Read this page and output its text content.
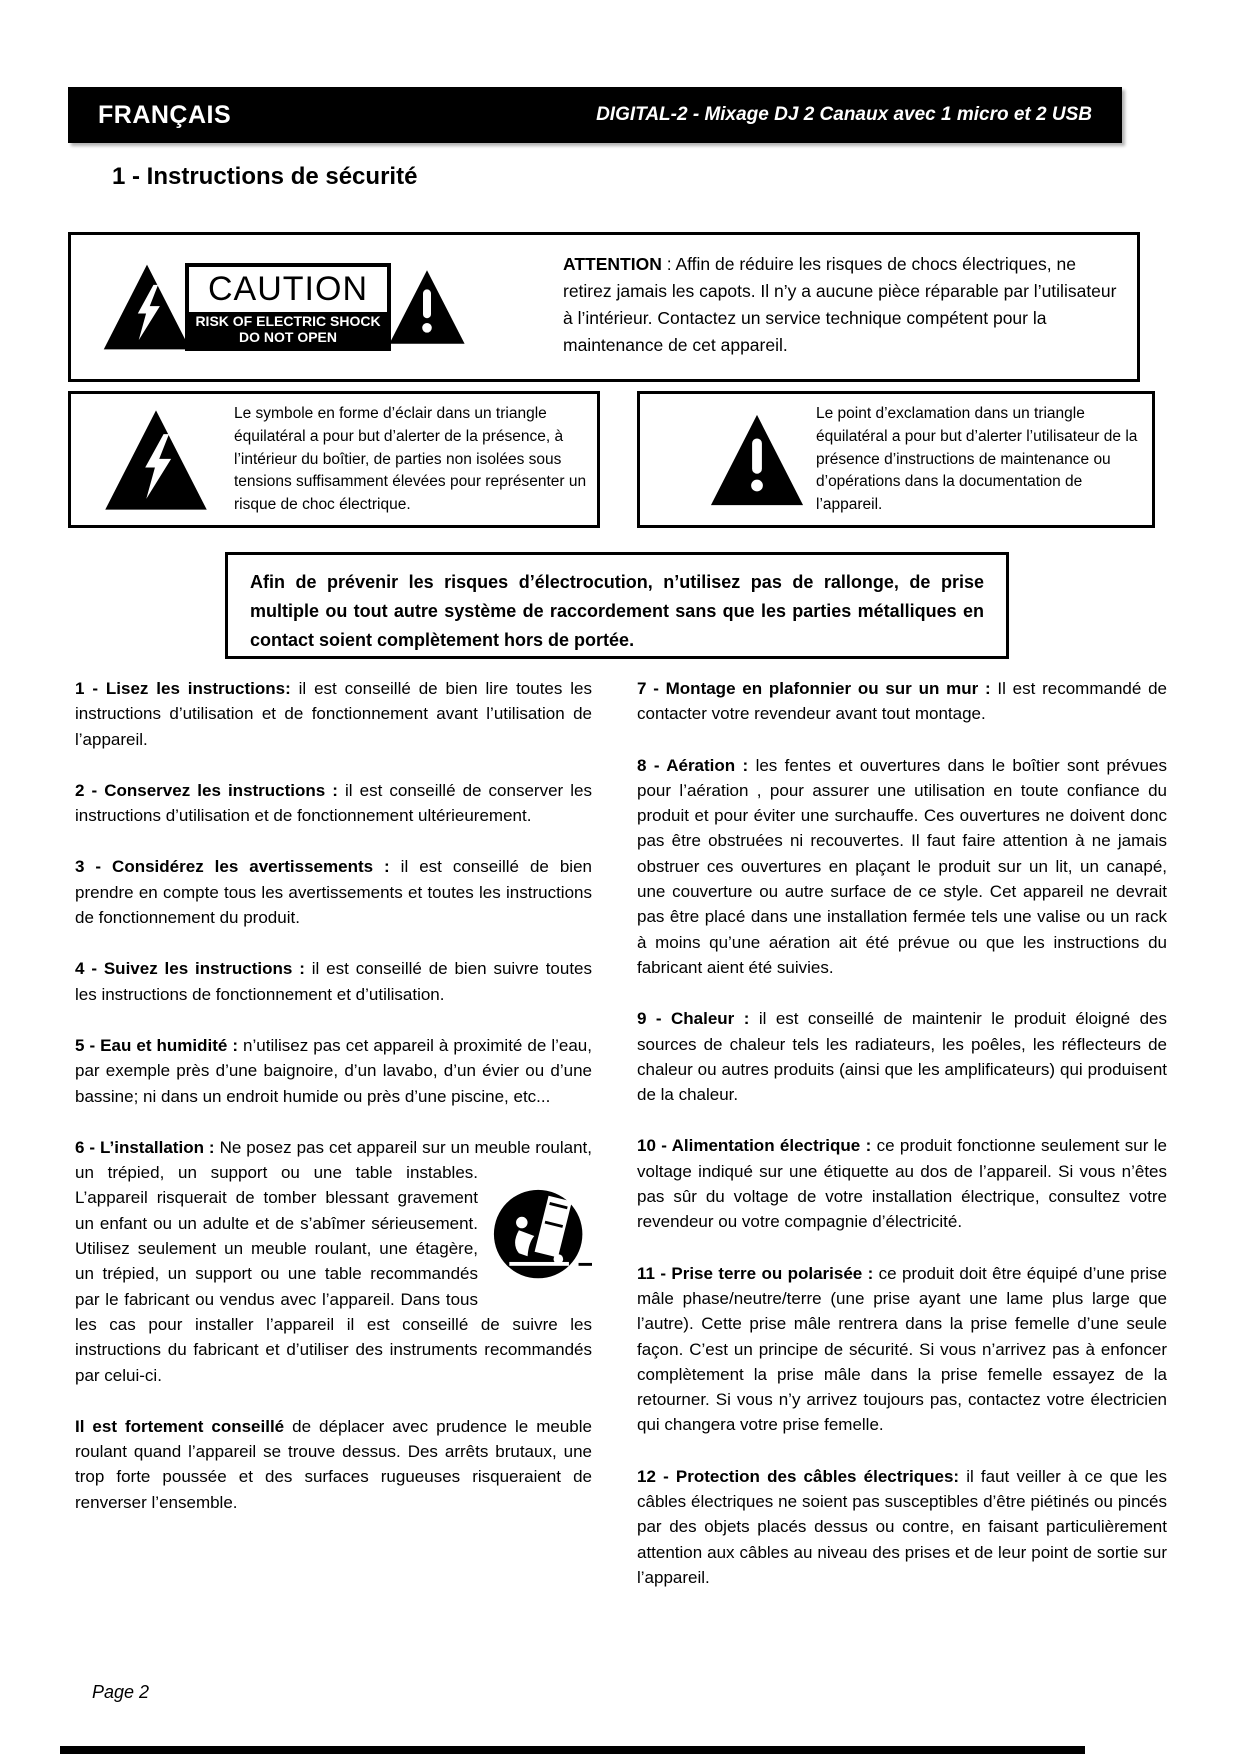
FRANÇAIS	DIGITAL-2 - Mixage DJ 2 Canaux avec 1 micro et 2 USB
1 - Instructions de sécurité
CAUTION
RISK OF ELECTRIC SHOCK
DO NOT OPEN

ATTENTION : Affin de réduire les risques de chocs électriques, ne retirez jamais les capots. Il n’y a aucune pièce réparable par l’utilisateur à l’intérieur. Contactez un service technique compétent pour la maintenance de cet appareil.

Le symbole en forme d’éclair dans un triangle équilatéral a pour but d’alerter de la présence, à l’intérieur du boîtier, de parties non isolées sous tensions suffisamment élevées pour représenter un risque de choc électrique.

Le point d’exclamation dans un triangle équilatéral a pour but d’alerter l’utilisateur de la présence d’instructions de maintenance ou d’opérations dans la documentation de l’appareil.

Afin de prévenir les risques d’électrocution, n’utilisez pas de rallonge, de prise multiple ou tout autre système de raccordement sans que les parties métalliques en contact soient complètement hors de portée.

1 - Lisez les instructions: il est conseillé de bien lire toutes les instructions d’utilisation et de fonctionnement avant l’utilisation de l’appareil.

2 - Conservez les instructions : il est conseillé de conserver les instructions d’utilisation et de fonctionnement ultérieurement.

3 - Considérez les avertissements : il est conseillé de bien prendre en compte tous les avertissements et toutes les instructions de fonctionnement du produit.

4 - Suivez les instructions : il est conseillé de bien suivre toutes les instructions de fonctionnement et d’utilisation.

5 - Eau et humidité : n’utilisez pas cet appareil à proximité de l’eau, par exemple près d’une baignoire, d’un lavabo, d’un évier ou d’une bassine; ni dans un endroit humide ou près d’une piscine, etc...

6 - L’installation : Ne posez pas cet appareil sur un meuble roulant, un trépied, un support ou une table instables. L’appareil risquerait de tomber blessant gravement un enfant ou un adulte et de s’abîmer sérieusement. Utilisez seulement un meuble roulant, une étagère, un trépied, un support ou une table recommandés par le fabricant ou vendus avec l’appareil. Dans tous les cas pour installer l’appareil il est conseillé de suivre les instructions du fabricant et d’utiliser des instruments recommandés par celui-ci.

Il est fortement conseillé de déplacer avec prudence le meuble roulant quand l’appareil se trouve dessus. Des arrêts brutaux, une trop forte poussée et des surfaces rugueuses risqueraient de renverser l’ensemble.

7 - Montage en plafonnier ou sur un mur : Il est recommandé de contacter votre revendeur avant tout montage.

8 - Aération : les fentes et ouvertures dans le boîtier sont prévues pour l’aération , pour assurer une utilisation en toute confiance du produit et pour éviter une surchauffe. Ces ouvertures ne doivent donc pas être obstruées ni recouvertes. Il faut faire attention à ne jamais obstruer ces ouvertures en plaçant le produit sur un lit, un canapé, une couverture ou autre surface de ce style. Cet appareil ne devrait pas être placé dans une installation fermée tels une valise ou un rack à moins qu’une aération ait été prévue ou que les instructions du fabricant aient été suivies.

9 - Chaleur : il est conseillé de maintenir le produit éloigné des sources de chaleur tels les radiateurs, les poêles, les réflecteurs de chaleur ou autres produits (ainsi que les amplificateurs) qui produisent de la chaleur.

10 - Alimentation électrique : ce produit fonctionne seulement sur le voltage indiqué sur une étiquette au dos de l’appareil. Si vous n’êtes pas sûr du voltage de votre installation électrique, consultez votre revendeur ou votre compagnie d’électricité.

11 - Prise terre ou polarisée : ce produit doit être équipé d’une prise mâle phase/neutre/terre (une prise ayant une lame plus large que l’autre). Cette prise mâle rentrera dans la prise femelle d’une seule façon. C’est un principe de sécurité. Si vous n’arrivez pas à enfoncer complètement la prise mâle dans la prise femelle essayez de la retourner. Si vous n’y arrivez toujours pas, contactez votre électricien qui changera votre prise femelle.

12 - Protection des câbles électriques: il faut veiller à ce que les câbles électriques ne soient pas susceptibles d’être piétinés ou pincés par des objets placés dessus ou contre, en faisant particulièrement attention aux câbles au niveau des prises et de leur point de sortie sur l’appareil.

Page 2
